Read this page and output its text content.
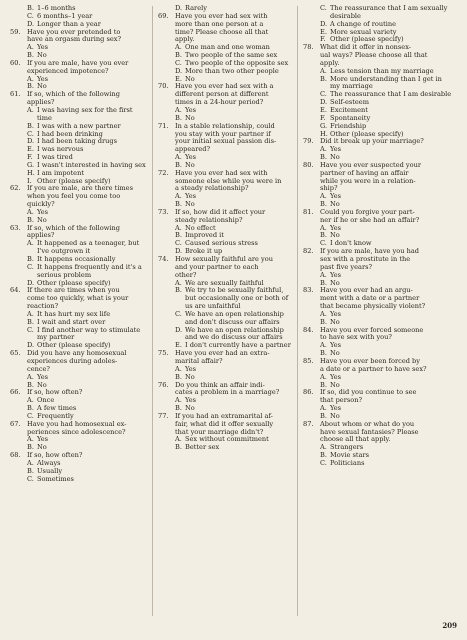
B. 1–6 months
C. 6 months–1 year
D. Longer than a year
59. Have you ever pretended to
have an orgasm during sex?
A. Yes
B. No
60. If you are male, have you ever
experienced impotence?
A. Yes
B. No
61. If so, which of the following
applies?
A. I was having sex for the first time
B. I was with a new partner
C. I had been drinking
D. I had been taking drugs
E. I was nervous
F. I was tired
G. I wasn't interested in having sex
H. I am impotent
I. Other (please specify)
62. If you are male, are there times
when you feel you come too
quickly?
A. Yes
B. No
63. If so, which of the following
applies?
A. It happened as a teenager, but I've outgrown it
B. It happens occasionally
C. It happens frequently and it's a serious problem
D. Other (please specify)
64. If there are times when you
come too quickly, what is your
reaction?
A. It has hurt my sex life
B. I wait and start over
C. I find another way to stimulate my partner
D. Other (please specify)
65. Did you have any homosexual
experiences during adoles-
cence?
A. Yes
B. No
66. If so, how often?
A. Once
B. A few times
C. Frequently
67. Have you had homosexual ex-
periences since adolescence?
A. Yes
B. No
68. If so, how often?
A. Always
B. Usually
C. Sometimes
D. Rarely
69. Have you ever had sex with
more than one person at a
time? Please choose all that
apply.
A. One man and one woman
B. Two people of the same sex
C. Two people of the opposite sex
D. More than two other people
E. No
70. Have you ever had sex with a
different person at different
times in a 24-hour period?
A. Yes
B. No
71. In a stable relationship, could
you stay with your partner if
your initial sexual passion dis-
appeared?
A. Yes
B. No
72. Have you ever had sex with
someone else while you were in
a steady relationship?
A. Yes
B. No
73. If so, how did it affect your
steady relationship?
A. No effect
B. Improved it
C. Caused serious stress
D. Broke it up
74. How sexually faithful are you
and your partner to each
other?
A. We are sexually faithful
B. We try to be sexually faithful, but occasionally one or both of us are unfaithful
C. We have an open relationship and don't discuss our affairs
D. We have an open relationship and we do discuss our affairs
E. I don't currently have a partner
75. Have you ever had an extra-
marital affair?
A. Yes
B. No
76. Do you think an affair indi-
cates a problem in a marriage?
A. Yes
B. No
77. If you had an extramarital af-
fair, what did it offer sexually
that your marriage didn't?
A. Sex without commitment
B. Better sex
C. The reassurance that I am sexually desirable
D. A change of routine
E. More sexual variety
F. Other (please specify)
78. What did it offer in nonsex-
ual ways? Please choose all that
apply.
A. Less tension than my marriage
B. More understanding than I get in my marriage
C. The reassurance that I am desirable
D. Self-esteem
E. Excitement
F. Spontaneity
G. Friendship
H. Other (please specify)
79. Did it break up your marriage?
A. Yes
B. No
80. Have you ever suspected your
partner of having an affair
while you were in a relation-
ship?
A. Yes
B. No
81. Could you forgive your part-
ner if he or she had an affair?
A. Yes
B. No
C. I don't know
82. If you are male, have you had
sex with a prostitute in the
past five years?
A. Yes
B. No
83. Have you ever had an argu-
ment with a date or a partner
that became physically violent?
A. Yes
B. No
84. Have you ever forced someone
to have sex with you?
A. Yes
B. No
85. Have you ever been forced by
a date or a partner to have sex?
A. Yes
B. No
86. If so, did you continue to see
that person?
A. Yes
B. No
87. About whom or what do you
have sexual fantasies? Please
choose all that apply.
A. Strangers
B. Movie stars
C. Politicians
209
